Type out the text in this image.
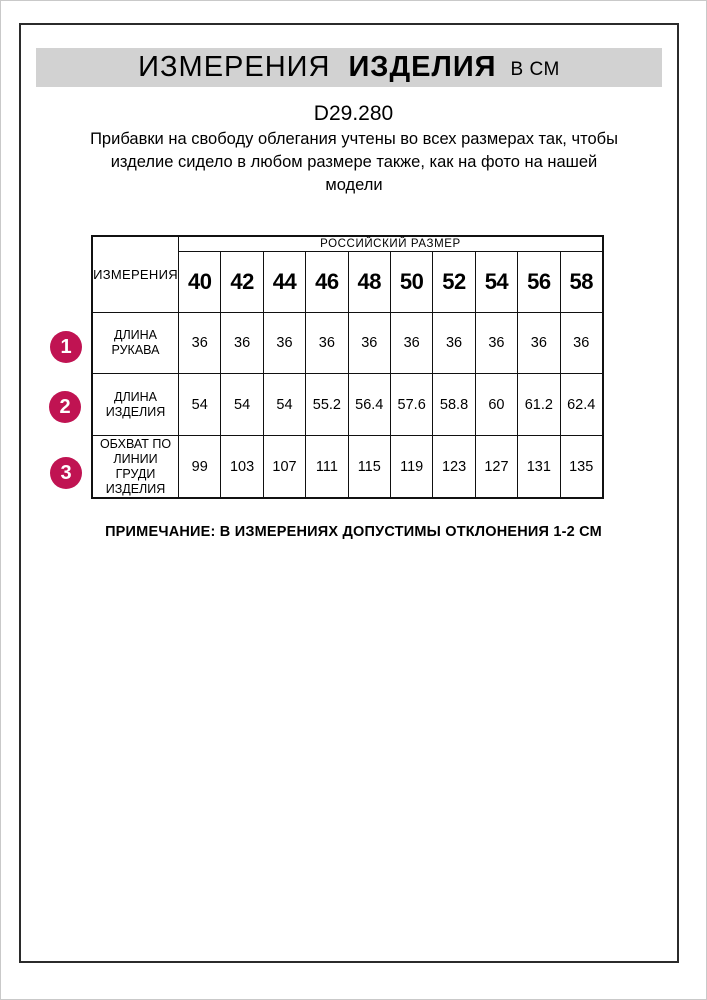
ИЗМЕРЕНИЯ ИЗДЕЛИЯ В СМ
D29.280
Прибавки на свободу облегания учтены во всех размерах так, чтобы
изделие сидело в любом размере также, как на фото на нашей
модели
ИЗМЕРЕНИЯ	РОССИЙСКИЙ РАЗМЕР									
	40	42	44	46	48	50	52	54	56	58
ДЛИНА РУКАВА	36	36	36	36	36	36	36	36	36	36
ДЛИНА ИЗДЕЛИЯ	54	54	54	55.2	56.4	57.6	58.8	60	61.2	62.4
ОБХВАТ ПО ЛИНИИ ГРУДИ ИЗДЕЛИЯ	99	103	107	111	115	119	123	127	131	135
1
2
3
ПРИМЕЧАНИЕ: В ИЗМЕРЕНИЯХ ДОПУСТИМЫ ОТКЛОНЕНИЯ 1-2 СМ
